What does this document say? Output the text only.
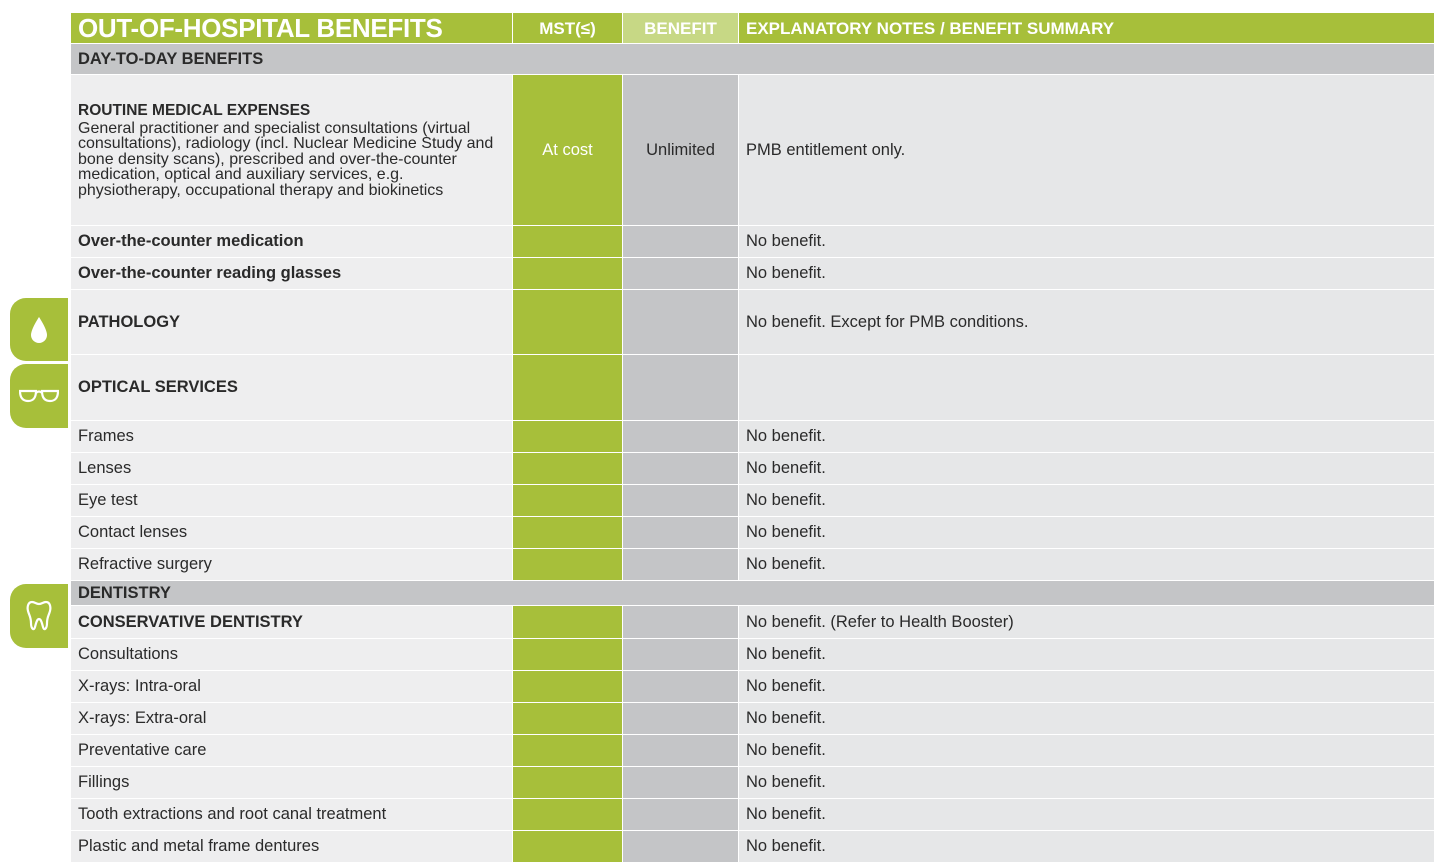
OUT-OF-HOSPITAL BENEFITS	MST(≤)	BENEFIT	EXPLANATORY NOTES / BENEFIT SUMMARY
DAY-TO-DAY BENEFITS			

ROUTINE MEDICAL EXPENSES
General practitioner and specialist consultations (virtual consultations), radiology (incl. Nuclear Medicine Study and bone density scans), prescribed and over-the-counter medication, optical and auxiliary services, e.g. physiotherapy, occupational therapy and biokinetics	At cost	Unlimited	PMB entitlement only.
Over-the-counter medication			No benefit.
Over-the-counter reading glasses			No benefit.
PATHOLOGY			No benefit. Except for PMB conditions.
OPTICAL SERVICES			
Frames			No benefit.
Lenses			No benefit.
Eye test			No benefit.
Contact lenses			No benefit.
Refractive surgery			No benefit.
DENTISTRY			
CONSERVATIVE DENTISTRY			No benefit. (Refer to Health Booster)
Consultations			No benefit.
X-rays: Intra-oral			No benefit.
X-rays: Extra-oral			No benefit.
Preventative care			No benefit.
Fillings			No benefit.
Tooth extractions and root canal treatment			No benefit.
Plastic and metal frame dentures			No benefit.
